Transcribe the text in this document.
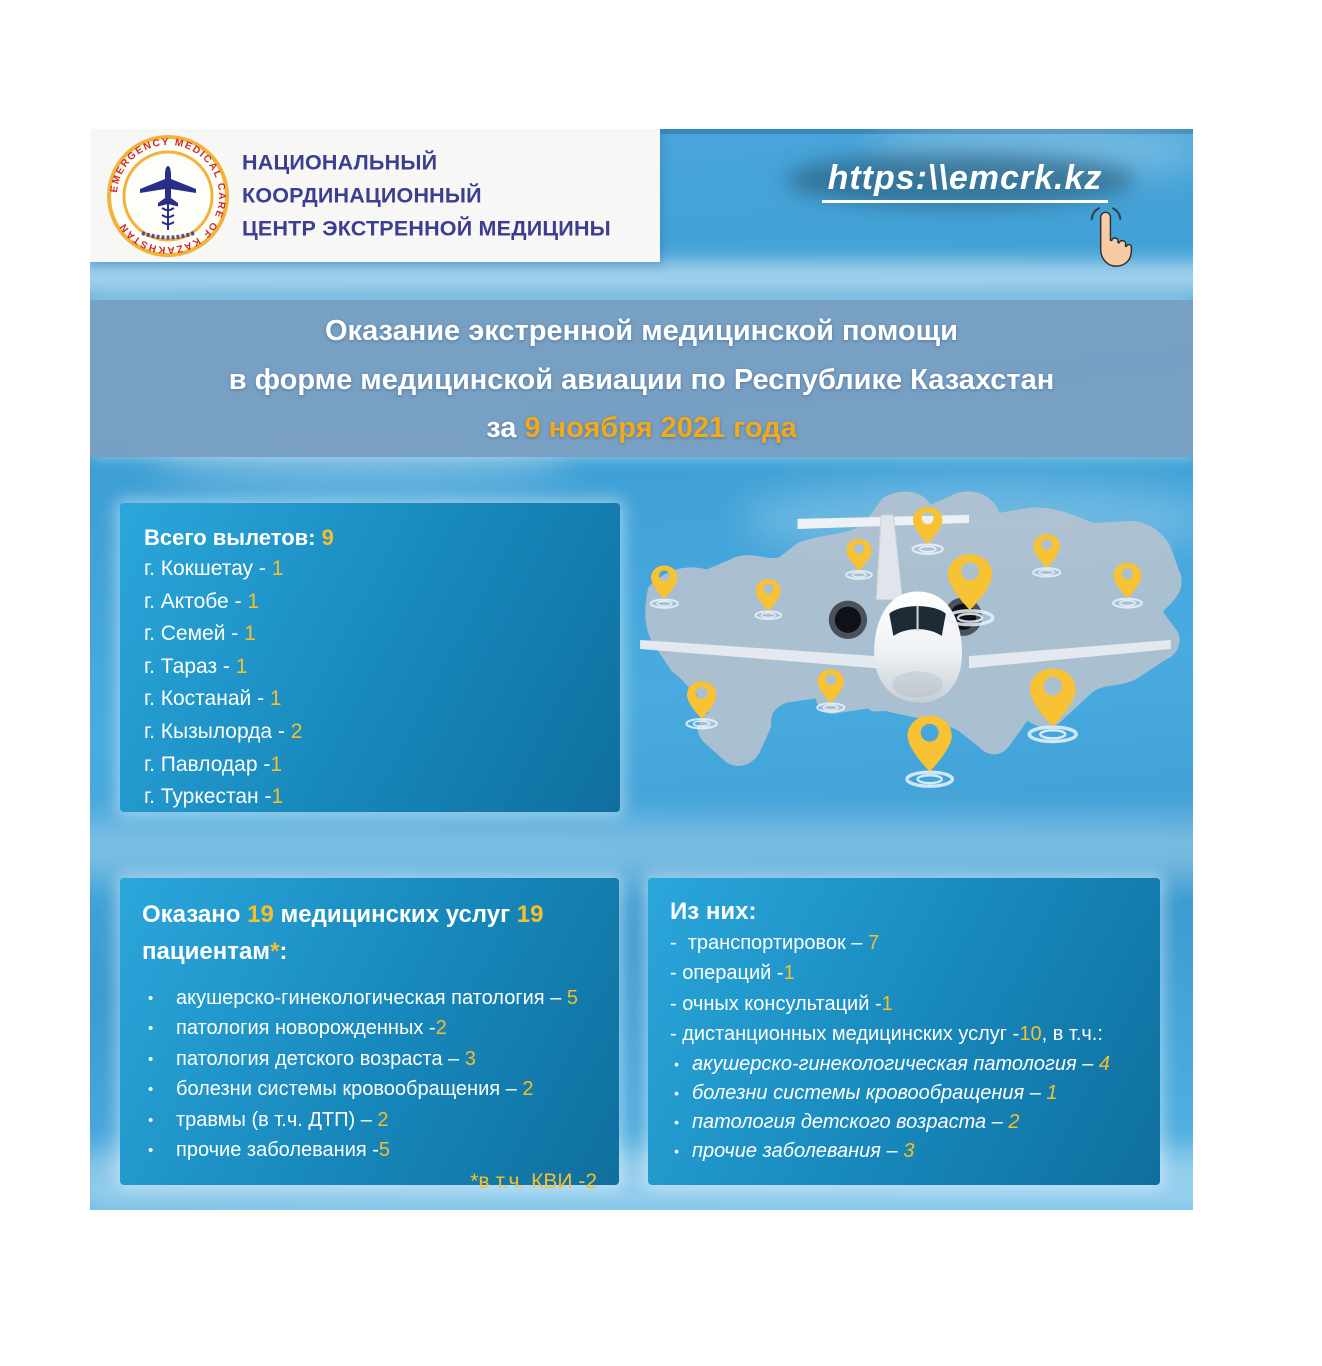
EMERGENCY MEDICAL CARE OF KAZAKHSTAN
НАЦИОНАЛЬНЫЙ КООРДИНАЦИОННЫЙ
ЦЕНТР ЭКСТРЕННОЙ МЕДИЦИНЫ
https:\\emcrk.kz
Оказание экстренной медицинской помощи
в форме медицинской авиации по Республике Казахстан
за 9 ноября 2021 года
Всего вылетов: 9
г. Кокшетау - 1
г. Актобе - 1
г. Семей - 1
г. Тараз - 1
г. Костанай - 1
г. Кызылорда - 2
г. Павлодар -1
г. Туркестан -1
Оказано 19 медицинских услуг 19 пациентам*:
• акушерско-гинекологическая патология – 5
• патология новорожденных -2
• патология детского возраста – 3
• болезни системы кровообращения – 2
• травмы (в т.ч. ДТП) – 2
• прочие заболевания -5
*в т.ч. КВИ -2
Из них:
-  транспортировок – 7
- операций -1
- очных консультаций -1
- дистанционных медицинских услуг -10, в т.ч.:
• акушерско-гинекологическая патология – 4
• болезни системы кровообращения – 1
• патология детского возраста – 2
• прочие заболевания – 3
